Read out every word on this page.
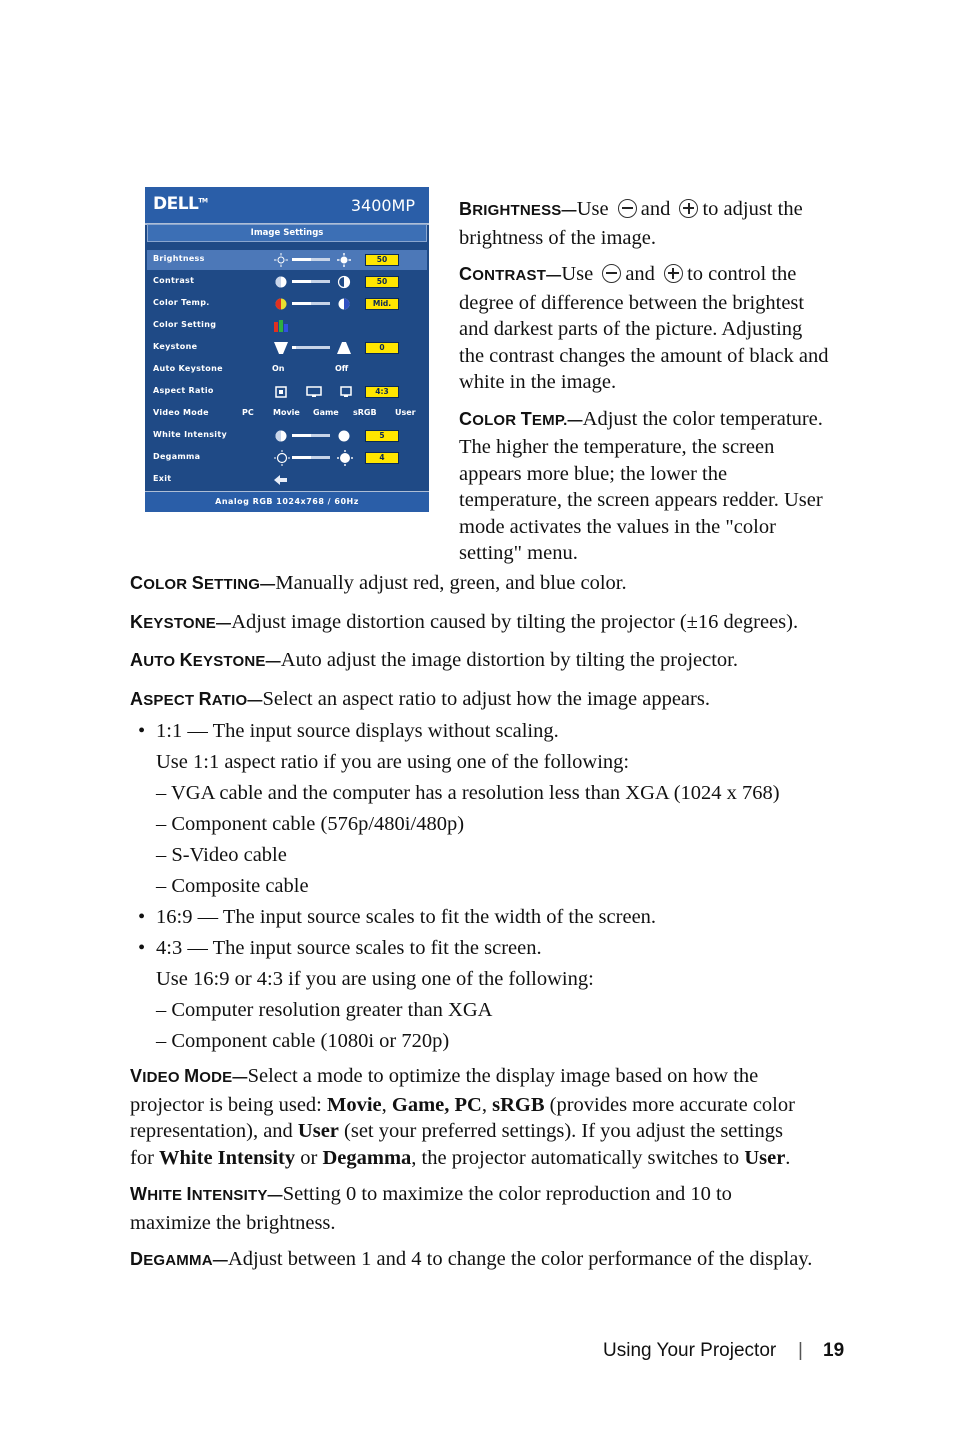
DELL™	3400MP
Image Settings
Brightness	50
Contrast	50
Color Temp.	Mid.
Color Setting
Keystone	0
Auto Keystone	On	Off
Aspect Ratio	4:3
Video Mode	PC Movie Game sRGB User
White Intensity	5
Degamma	4
Exit
Analog RGB 1024x768 / 60Hz

BRIGHTNESS—Use and to adjust the
brightness of the image.

CONTRAST—Use and to control the
degree of difference between the brightest
and darkest parts of the picture. Adjusting
the contrast changes the amount of black and
white in the image.

COLOR TEMP.—Adjust the color temperature.
The higher the temperature, the screen
appears more blue; the lower the
temperature, the screen appears redder. User
mode activates the values in the "color
setting" menu.

COLOR SETTING—Manually adjust red, green, and blue color.

KEYSTONE—Adjust image distortion caused by tilting the projector (±16 degrees).

AUTO KEYSTONE—Auto adjust the image distortion by tilting the projector.

ASPECT RATIO—Select an aspect ratio to adjust how the image appears.

• 1:1 — The input source displays without scaling.
Use 1:1 aspect ratio if you are using one of the following:
– VGA cable and the computer has a resolution less than XGA (1024 x 768)
– Component cable (576p/480i/480p)
– S-Video cable
– Composite cable
• 16:9 — The input source scales to fit the width of the screen.
• 4:3 — The input source scales to fit the screen.
Use 16:9 or 4:3 if you are using one of the following:
– Computer resolution greater than XGA
– Component cable (1080i or 720p)

VIDEO MODE—Select a mode to optimize the display image based on how the
projector is being used: Movie, Game, PC, sRGB (provides more accurate color
representation), and User (set your preferred settings). If you adjust the settings
for White Intensity or Degamma, the projector automatically switches to User.

WHITE INTENSITY—Setting 0 to maximize the color reproduction and 10 to
maximize the brightness.

DEGAMMA—Adjust between 1 and 4 to change the color performance of the display.

Using Your Projector | 19
